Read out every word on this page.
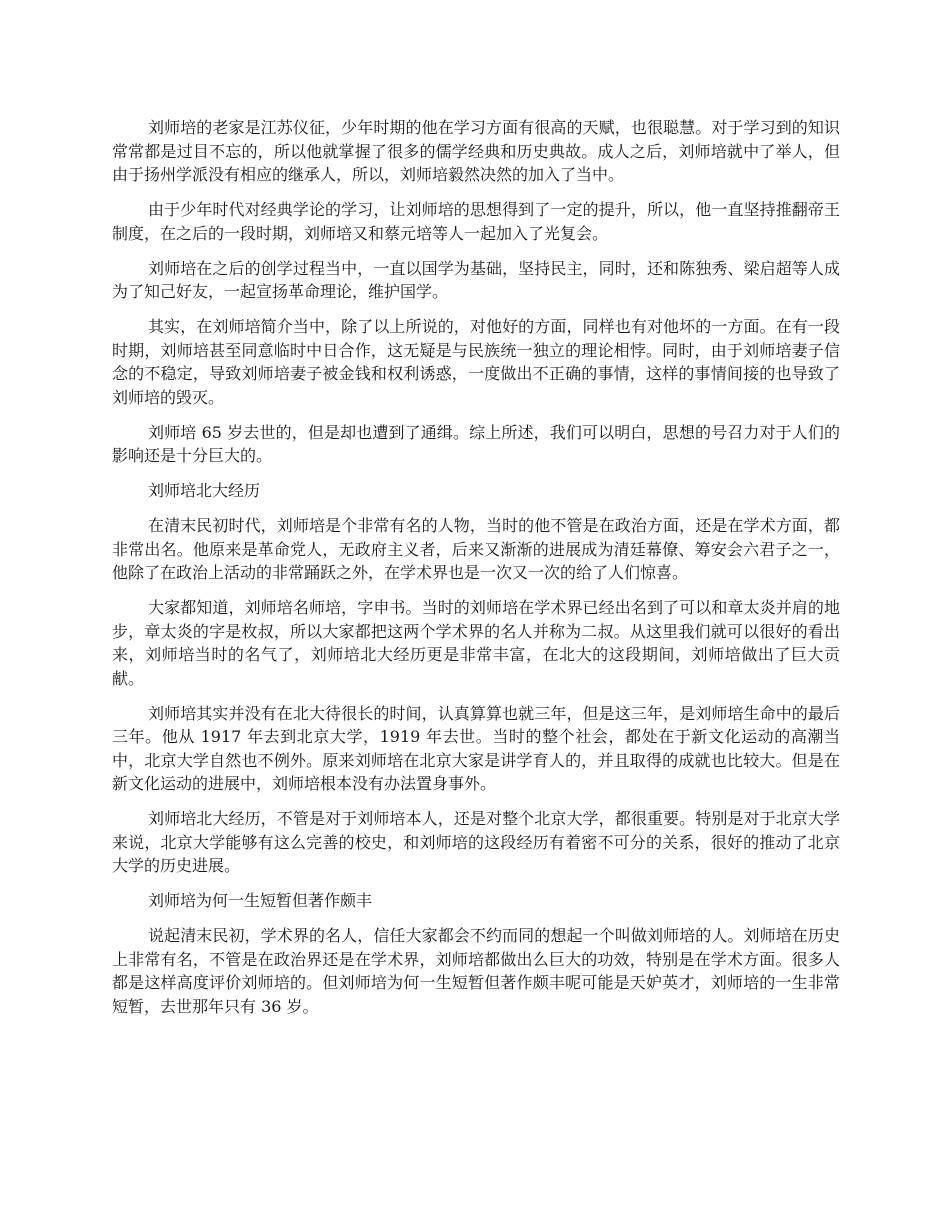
刘师培的老家是江苏仪征，少年时期的他在学习方面有很高的天赋，也很聪慧。对于学习到的知识常常都是过目不忘的，所以他就掌握了很多的儒学经典和历史典故。成人之后，刘师培就中了举人，但由于扬州学派没有相应的继承人，所以，刘师培毅然决然的加入了当中。

由于少年时代对经典学论的学习，让刘师培的思想得到了一定的提升，所以，他一直坚持推翻帝王制度，在之后的一段时期，刘师培又和蔡元培等人一起加入了光复会。

刘师培在之后的创学过程当中，一直以国学为基础，坚持民主，同时，还和陈独秀、梁启超等人成为了知己好友，一起宣扬革命理论，维护国学。

其实，在刘师培简介当中，除了以上所说的，对他好的方面，同样也有对他坏的一方面。在有一段时期，刘师培甚至同意临时中日合作，这无疑是与民族统一独立的理论相悖。同时，由于刘师培妻子信念的不稳定，导致刘师培妻子被金钱和权利诱惑，一度做出不正确的事情，这样的事情间接的也导致了刘师培的毁灭。

刘师培 65 岁去世的，但是却也遭到了通缉。综上所述，我们可以明白，思想的号召力对于人们的影响还是十分巨大的。

刘师培北大经历

在清末民初时代，刘师培是个非常有名的人物，当时的他不管是在政治方面，还是在学术方面，都非常出名。他原来是革命党人，无政府主义者，后来又渐渐的进展成为清廷幕僚、筹安会六君子之一，他除了在政治上活动的非常踊跃之外，在学术界也是一次又一次的给了人们惊喜。

大家都知道，刘师培名师培，字申书。当时的刘师培在学术界已经出名到了可以和章太炎并肩的地步，章太炎的字是枚叔，所以大家都把这两个学术界的名人并称为二叔。从这里我们就可以很好的看出来，刘师培当时的名气了，刘师培北大经历更是非常丰富，在北大的这段期间，刘师培做出了巨大贡献。

刘师培其实并没有在北大待很长的时间，认真算算也就三年，但是这三年，是刘师培生命中的最后三年。他从 1917 年去到北京大学，1919 年去世。当时的整个社会，都处在于新文化运动的高潮当中，北京大学自然也不例外。原来刘师培在北京大家是讲学育人的，并且取得的成就也比较大。但是在新文化运动的进展中，刘师培根本没有办法置身事外。

刘师培北大经历，不管是对于刘师培本人，还是对整个北京大学，都很重要。特别是对于北京大学来说，北京大学能够有这么完善的校史，和刘师培的这段经历有着密不可分的关系，很好的推动了北京大学的历史进展。

刘师培为何一生短暂但著作颇丰

说起清末民初，学术界的名人，信任大家都会不约而同的想起一个叫做刘师培的人。刘师培在历史上非常有名，不管是在政治界还是在学术界，刘师培都做出么巨大的功效，特别是在学术方面。很多人都是这样高度评价刘师培的。但刘师培为何一生短暂但著作颇丰呢可能是天妒英才，刘师培的一生非常短暂，去世那年只有 36 岁。
